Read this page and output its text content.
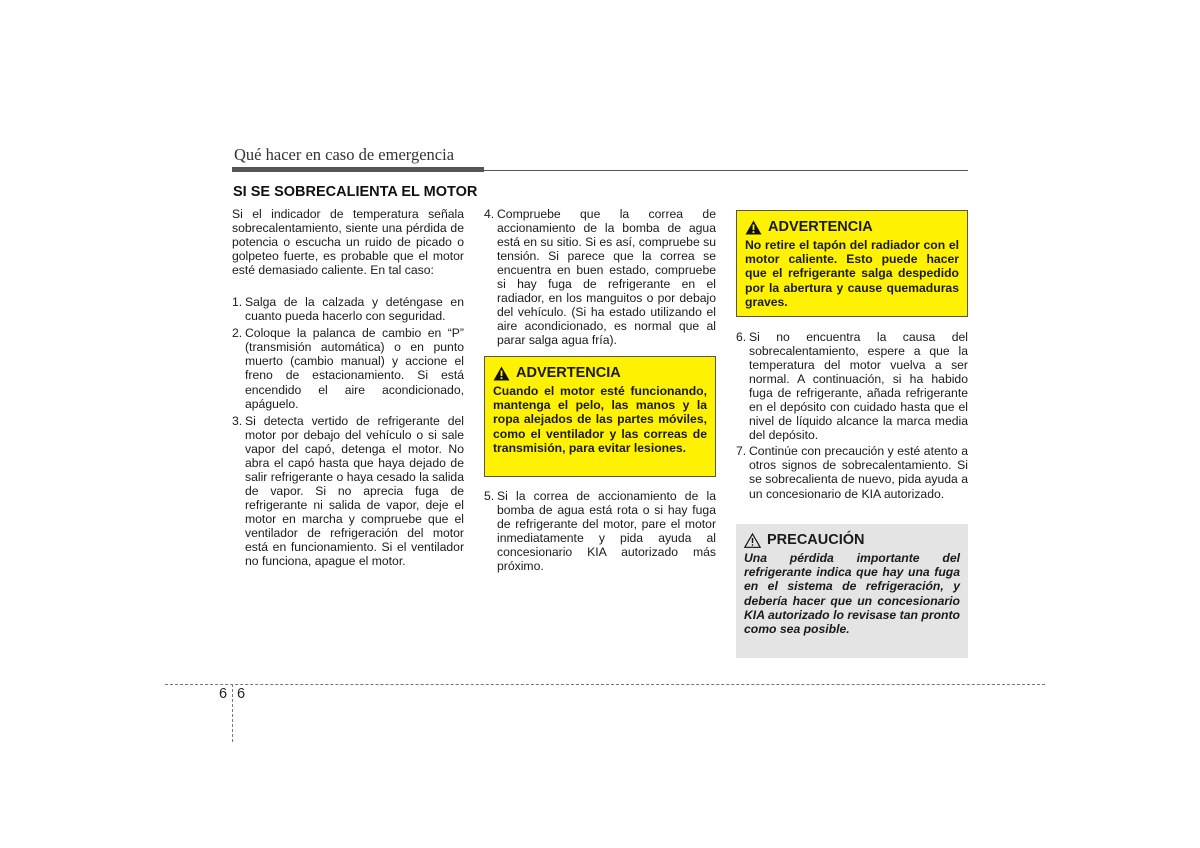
Qué hacer en caso de emergencia
SI SE SOBRECALIENTA EL MOTOR

Si el indicador de temperatura señala sobrecalentamiento, siente una pérdida de potencia o escucha un ruido de picado o golpeteo fuerte, es probable que el motor esté demasiado caliente. En tal caso:

1. Salga de la calzada y deténgase en cuanto pueda hacerlo con seguridad.
2. Coloque la palanca de cambio en “P” (transmisión automática) o en punto muerto (cambio manual) y accione el freno de estacionamiento. Si está encendido el aire acondicionado, apáguelo.
3. Si detecta vertido de refrigerante del motor por debajo del vehículo o si sale vapor del capó, detenga el motor. No abra el capó hasta que haya dejado de salir refrigerante o haya cesado la salida de vapor. Si no aprecia fuga de refrigerante ni salida de vapor, deje el motor en marcha y compruebe que el ventilador de refrigeración del motor está en funcionamiento. Si el ventilador no funciona, apague el motor.
4. Compruebe que la correa de accionamiento de la bomba de agua está en su sitio. Si es así, compruebe su tensión. Si parece que la correa se encuentra en buen estado, compruebe si hay fuga de refrigerante en el radiador, en los manguitos o por debajo del vehículo. (Si ha estado utilizando el aire acondicionado, es normal que al parar salga agua fría).
ADVERTENCIA

Cuando el motor esté funcionando, mantenga el pelo, las manos y la ropa alejados de las partes móviles, como el ventilador y las correas de transmisión, para evitar lesiones.

5. Si la correa de accionamiento de la bomba de agua está rota o si hay fuga de refrigerante del motor, pare el motor inmediatamente y pida ayuda al concesionario KIA autorizado más próximo.
ADVERTENCIA

No retire el tapón del radiador con el motor caliente. Esto puede hacer que el refrigerante salga despedido por la abertura y cause quemaduras graves.

6. Si no encuentra la causa del sobrecalentamiento, espere a que la temperatura del motor vuelva a ser normal. A continuación, si ha habido fuga de refrigerante, añada refrigerante en el depósito con cuidado hasta que el nivel de líquido alcance la marca media del depósito.
7. Continúe con precaución y esté atento a otros signos de sobrecalentamiento. Si se sobrecalienta de nuevo, pida ayuda a un concesionario de KIA autorizado.
PRECAUCIÓN

Una pérdida importante del refrigerante indica que hay una fuga en el sistema de refrigeración, y debería hacer que un concesionario KIA autorizado lo revisase tan pronto como sea posible.

6 6
